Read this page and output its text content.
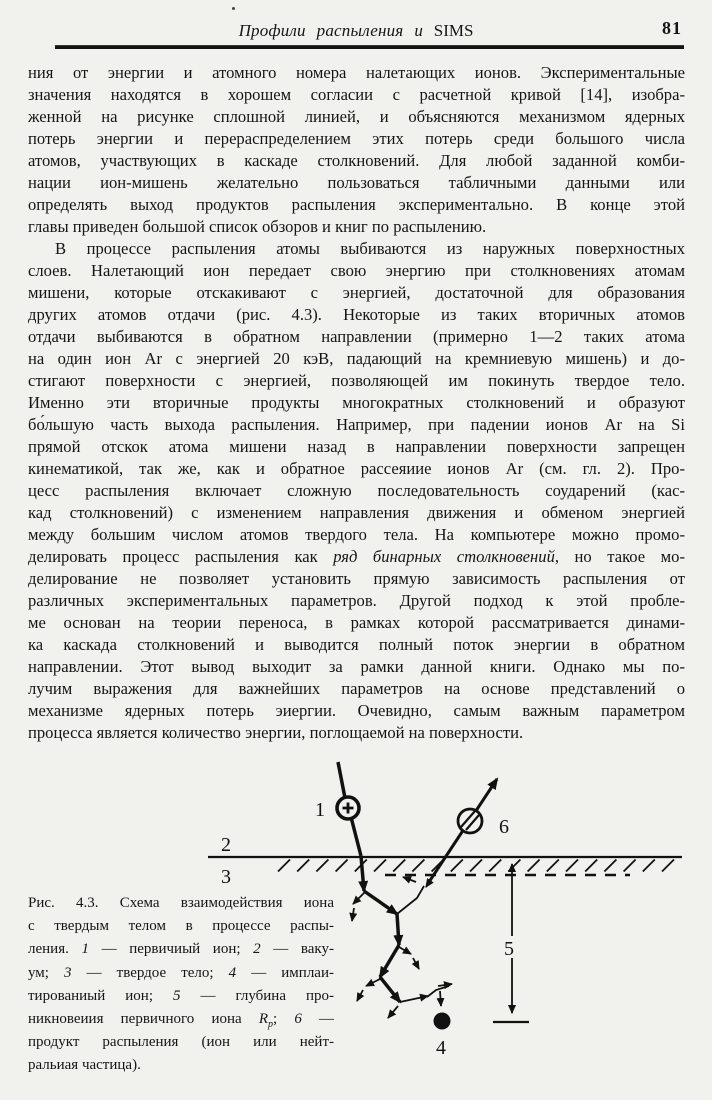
Профили распыления и SIMS	81
ния от энергии и атомного номера налетающих ионов. Экспериментальные
значения находятся в хорошем согласии с расчетной кривой [14], изобра-
женной на рисунке сплошной линией, и объясняются механизмом ядерных
потерь энергии и перераспределением этих потерь среди большого числа
атомов, участвующих в каскаде столкновений. Для любой заданной комби-
нации ион-мишень желательно пользоваться табличными данными или
определять выход продуктов распыления экспериментально. В конце этой
главы приведен большой список обзоров и книг по распылению.
В процессе распыления атомы выбиваются из наружных поверхностных
слоев. Налетающий ион передает свою энергию при столкновениях атомам
мишени, которые отскакивают с энергией, достаточной для образования
других атомов отдачи (рис. 4.3). Некоторые из таких вторичных атомов
отдачи выбиваются в обратном направлении (примерно 1—2 таких атома
на один ион Ar с энергией 20 кэВ, падающий на кремниевую мишень) и до-
стигают поверхности с энергией, позволяющей им покинуть твердое тело.
Именно эти вторичные продукты многократных столкновений и образуют
бо́льшую часть выхода распыления. Например, при падении ионов Ar на Si
прямой отскок атома мишени назад в направлении поверхности запрещен
кинематикой, так же, как и обратное рассеяиие ионов Ar (см. гл. 2). Про-
цесс распыления включает сложную последовательность соударений (кас-
кад столкновений) с изменением направления движения и обменом энергией
между большим числом атомов твердого тела. На компьютере можно промо-
делировать процесс распыления как ряд бинарных столкновений, но такое мо-
делирование не позволяет установить прямую зависимость распыления от
различных экспериментальных параметров. Другой подход к этой пробле-
ме основан на теории переноса, в рамках которой рассматривается динами-
ка каскада столкновений и выводится полный поток энергии в обратном
направлении. Этот вывод выходит за рамки данной книги. Однако мы по-
лучим выражения для важнейших параметров на основе представлений о
механизме ядерных потерь эиергии. Очевидно, самым важным параметром
процесса является количество энергии, поглощаемой на поверхности.
1
2
3
6
4
5
Рис. 4.3. Схема взаимодействия иона
с твердым телом в процессе распы-
ления. 1 — первичиый ион; 2 — ваку-
ум; 3 — твердое тело; 4 — имплаи-
тированиый ион; 5 — глубина про-
никновеиия первичного иона $R_p$; 6 —
продукт распыления (ион или нейт-
ральиая частица).
